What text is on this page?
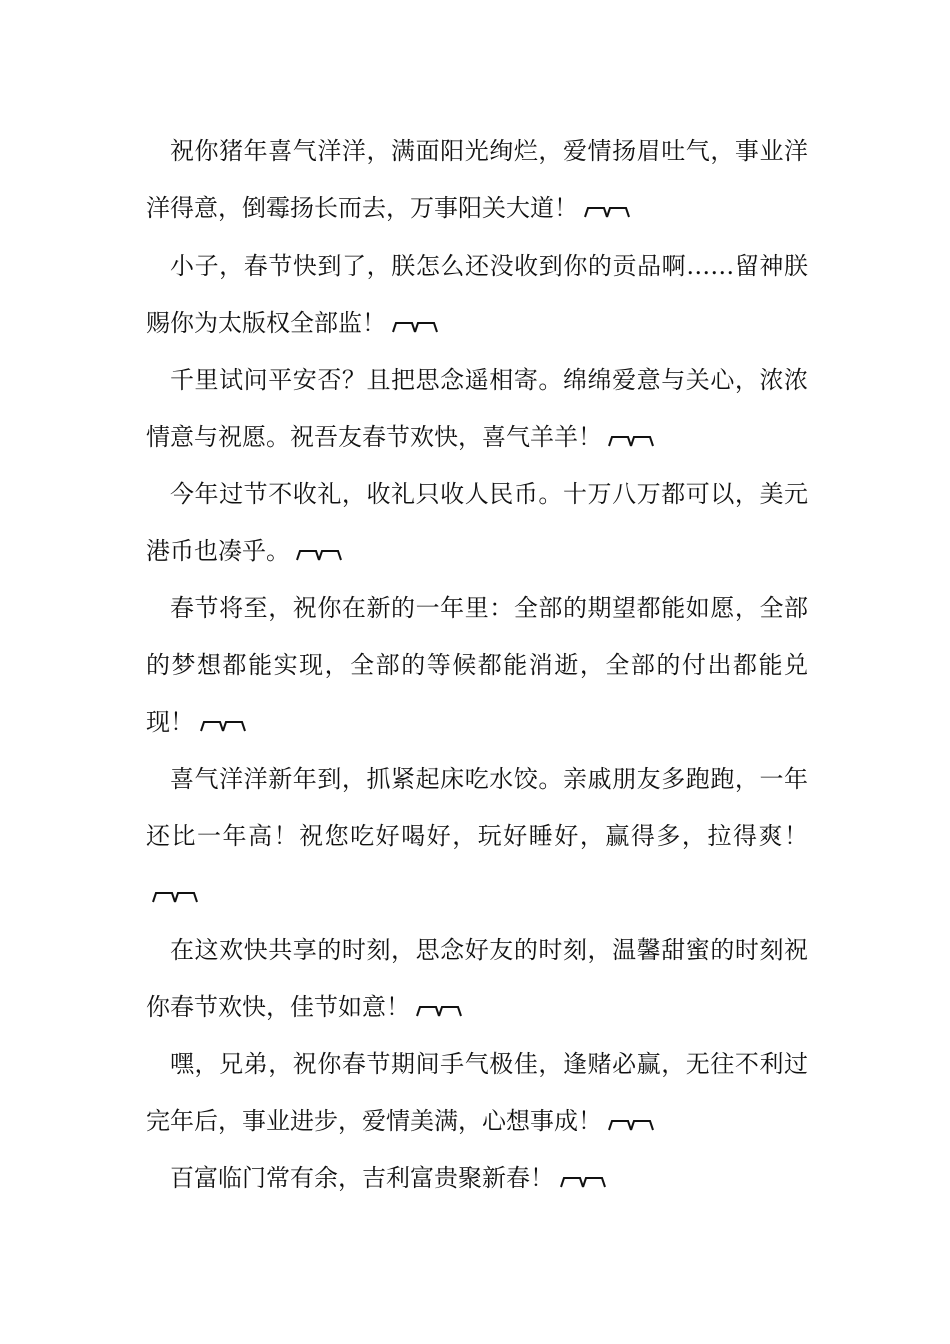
祝你猪年喜气洋洋，满面阳光绚烂，爱情扬眉吐气，事业洋洋得意，倒霉扬长而去，万事阳关大道！

小子，春节快到了，朕怎么还没收到你的贡品啊……留神朕赐你为太版权全部监！

千里试问平安否？且把思念遥相寄。绵绵爱意与关心，浓浓情意与祝愿。祝吾友春节欢快，喜气羊羊！

今年过节不收礼，收礼只收人民币。十万八万都可以，美元港币也凑乎。

春节将至，祝你在新的一年里：全部的期望都能如愿，全部的梦想都能实现，全部的等候都能消逝，全部的付出都能兑现！

喜气洋洋新年到，抓紧起床吃水饺。亲戚朋友多跑跑，一年还比一年高！祝您吃好喝好，玩好睡好，赢得多，拉得爽！

在这欢快共享的时刻，思念好友的时刻，温馨甜蜜的时刻祝你春节欢快，佳节如意！

嘿，兄弟，祝你春节期间手气极佳，逢赌必赢，无往不利过完年后，事业进步，爱情美满，心想事成！

百富临门常有余，吉利富贵聚新春！
